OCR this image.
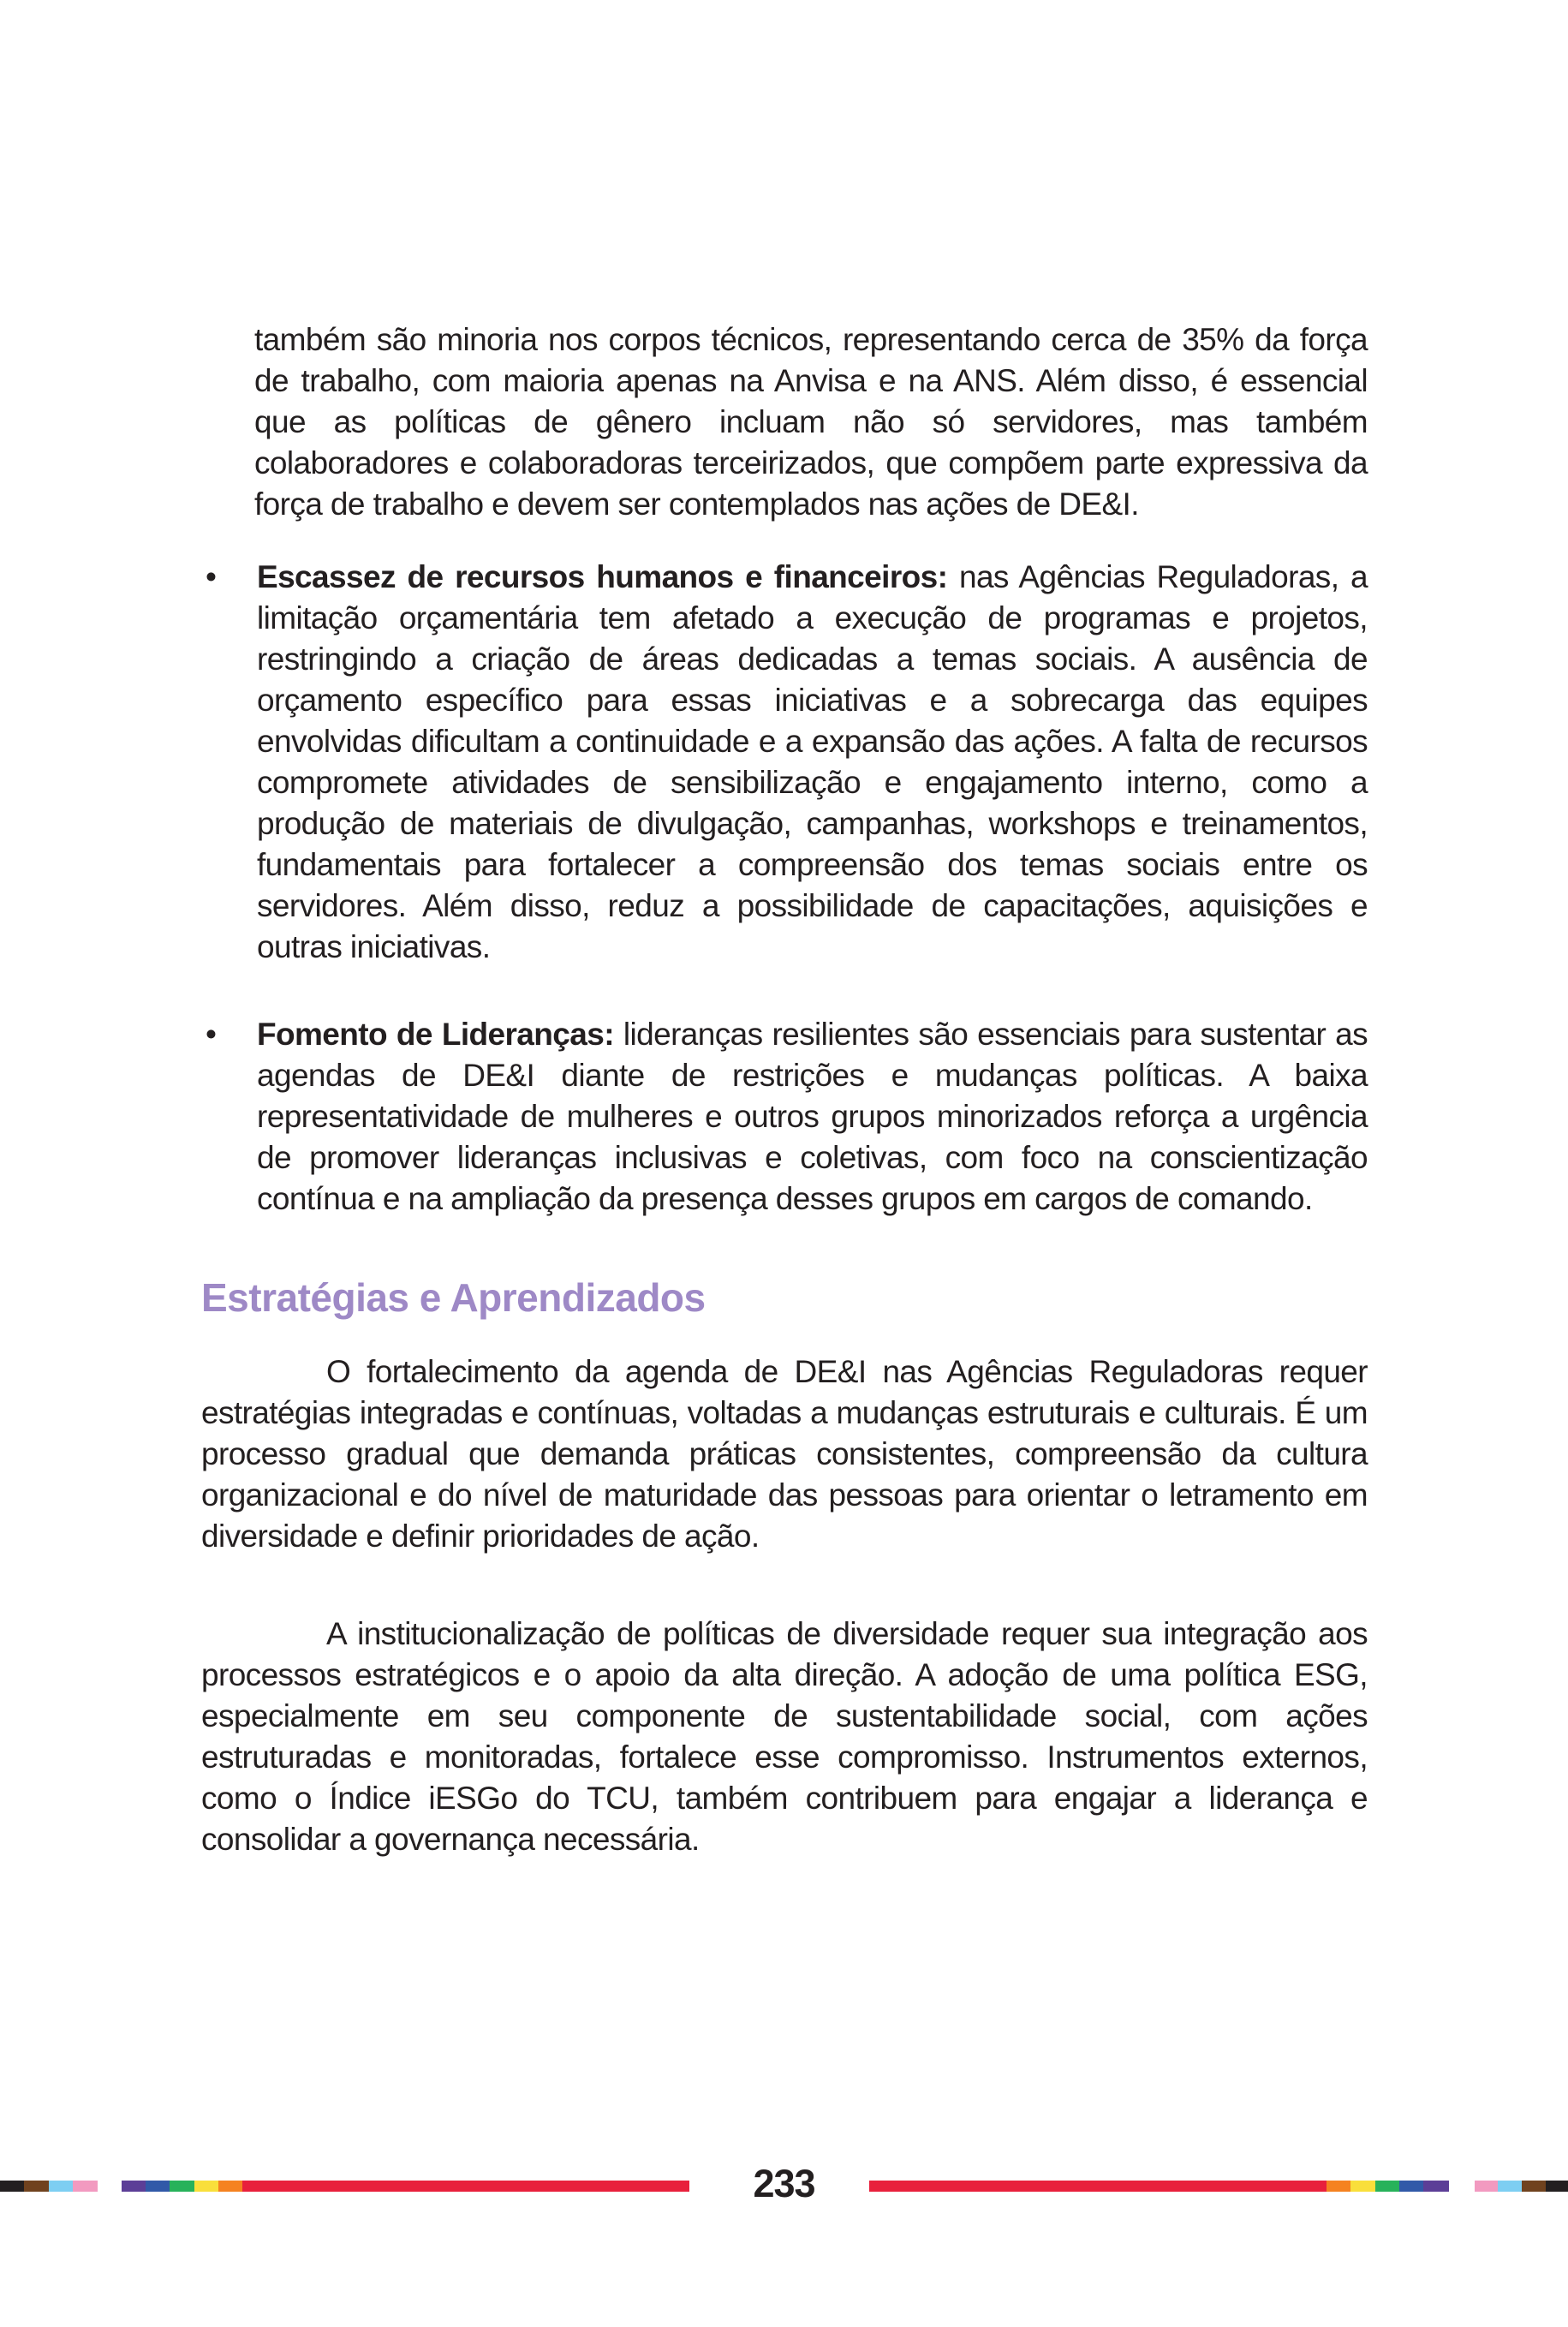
também são minoria nos corpos técnicos, representando cerca de 35% da força de trabalho, com maioria apenas na Anvisa e na ANS. Além disso, é essencial que as políticas de gênero incluam não só servidores, mas também colaboradores e colaboradoras terceirizados, que compõem parte expressiva da força de trabalho e devem ser contemplados nas ações de DE&I.

• Escassez de recursos humanos e financeiros: nas Agências Reguladoras, a limitação orçamentária tem afetado a execução de programas e projetos, restringindo a criação de áreas dedicadas a temas sociais. A ausência de orçamento específico para essas iniciativas e a sobrecarga das equipes envolvidas dificultam a continuidade e a expansão das ações. A falta de recursos compromete atividades de sensibilização e engajamento interno, como a produção de materiais de divulgação, campanhas, workshops e treinamentos, fundamentais para fortalecer a compreensão dos temas sociais entre os servidores. Além disso, reduz a possibilidade de capacitações, aquisições e outras iniciativas.
• Fomento de Lideranças: lideranças resilientes são essenciais para sustentar as agendas de DE&I diante de restrições e mudanças políticas. A baixa representatividade de mulheres e outros grupos minorizados reforça a urgência de promover lideranças inclusivas e coletivas, com foco na conscientização contínua e na ampliação da presença desses grupos em cargos de comando.
Estratégias e Aprendizados

O fortalecimento da agenda de DE&I nas Agências Reguladoras requer estratégias integradas e contínuas, voltadas a mudanças estruturais e culturais. É um processo gradual que demanda práticas consistentes, compreensão da cultura organizacional e do nível de maturidade das pessoas para orientar o letramento em diversidade e definir prioridades de ação.

A institucionalização de políticas de diversidade requer sua integração aos processos estratégicos e o apoio da alta direção. A adoção de uma política ESG, especialmente em seu componente de sustentabilidade social, com ações estruturadas e monitoradas, fortalece esse compromisso. Instrumentos externos, como o Índice iESGo do TCU, também contribuem para engajar a liderança e consolidar a governança necessária.

233
